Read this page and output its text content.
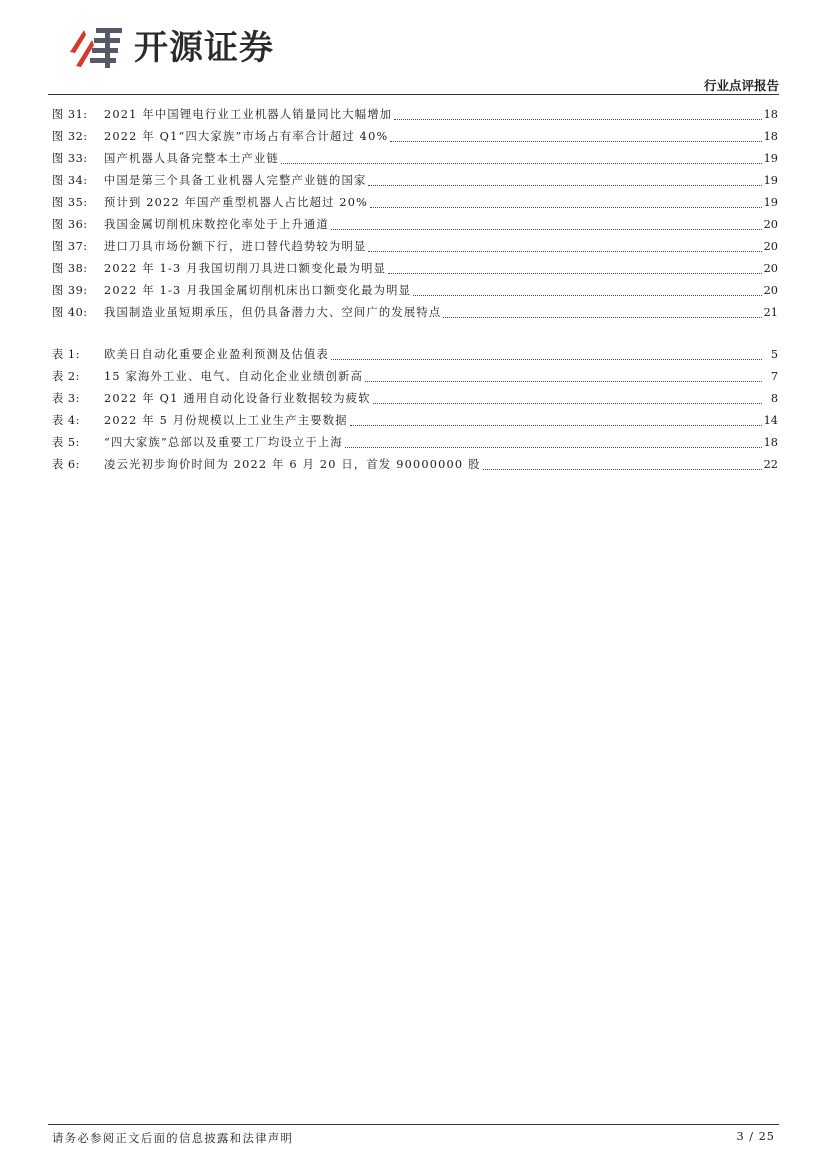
开源证券
行业点评报告
图 31:	2021 年中国锂电行业工业机器人销量同比大幅增加	18
图 32:	2022 年 Q1“四大家族”市场占有率合计超过 40%	18
图 33:	国产机器人具备完整本土产业链	19
图 34:	中国是第三个具备工业机器人完整产业链的国家	19
图 35:	预计到 2022 年国产重型机器人占比超过 20%	19
图 36:	我国金属切削机床数控化率处于上升通道	20
图 37:	进口刀具市场份额下行，进口替代趋势较为明显	20
图 38:	2022 年 1-3 月我国切削刀具进口额变化最为明显	20
图 39:	2022 年 1-3 月我国金属切削机床出口额变化最为明显	20
图 40:	我国制造业虽短期承压，但仍具备潜力大、空间广的发展特点	21
表 1:	欧美日自动化重要企业盈利预测及估值表	5
表 2:	15 家海外工业、电气、自动化企业业绩创新高	7
表 3:	2022 年 Q1 通用自动化设备行业数据较为疲软	8
表 4:	2022 年 5 月份规模以上工业生产主要数据	14
表 5:	“四大家族”总部以及重要工厂均设立于上海	18
表 6:	凌云光初步询价时间为 2022 年 6 月 20 日，首发 90000000 股	22
请务必参阅正文后面的信息披露和法律声明	3 / 25
